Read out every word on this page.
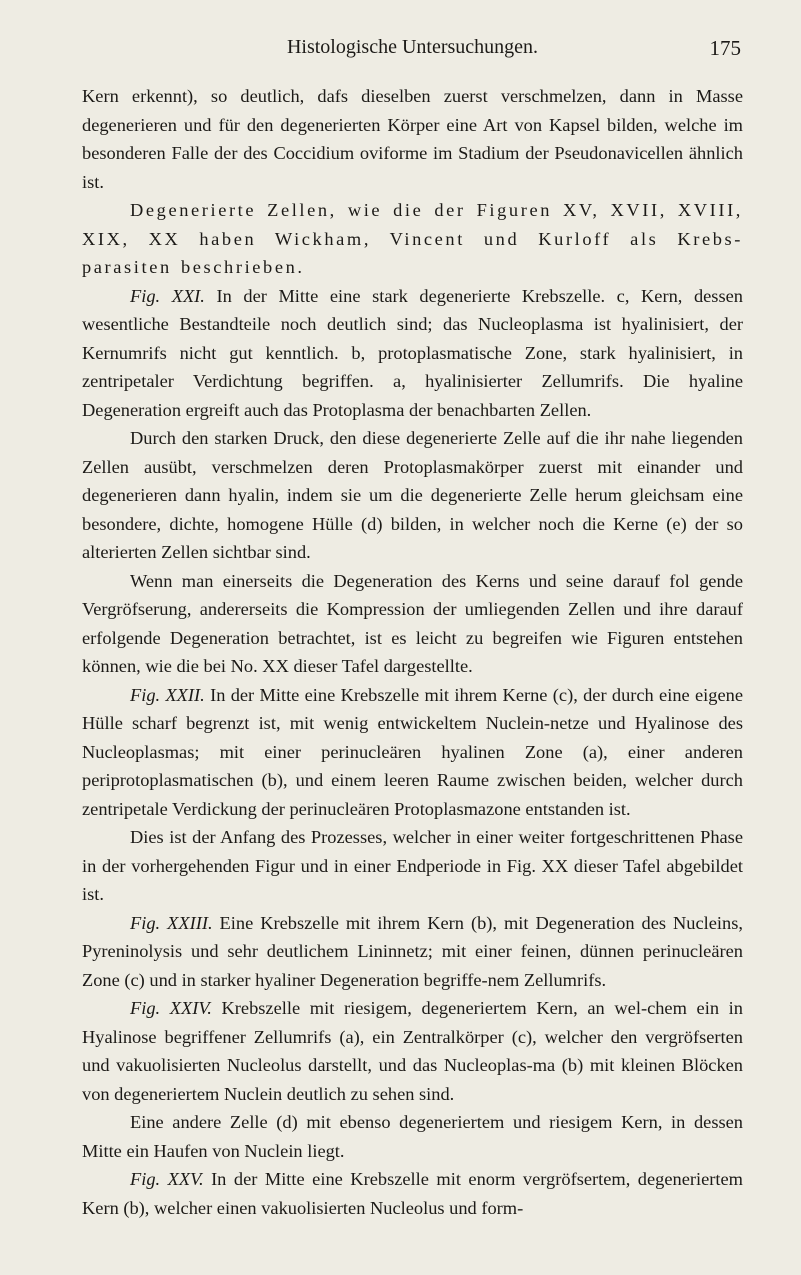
Histologische Untersuchungen.	175

Kern erkennt), so deutlich, dafs dieselben zuerst verschmelzen, dann in Masse degenerieren und für den degenerierten Körper eine Art von Kapsel bilden, welche im besonderen Falle der des Coccidium oviforme im Stadium der Pseudonavicellen ähnlich ist.

Degenerierte Zellen, wie die der Figuren XV, XVII, XVIII, XIX, XX haben Wickham, Vincent und Kurloff als Krebs-parasiten beschrieben.

Fig. XXI. In der Mitte eine stark degenerierte Krebszelle. c, Kern, dessen wesentliche Bestandteile noch deutlich sind; das Nucleoplasma ist hyalinisiert, der Kernumrifs nicht gut kenntlich. b, protoplasmatische Zone, stark hyalinisiert, in zentripetaler Verdichtung begriffen. a, hyalinisierter Zellumrifs. Die hyaline Degeneration ergreift auch das Protoplasma der benachbarten Zellen.

Durch den starken Druck, den diese degenerierte Zelle auf die ihr nahe liegenden Zellen ausübt, verschmelzen deren Protoplasmakörper zuerst mit einander und degenerieren dann hyalin, indem sie um die degenerierte Zelle herum gleichsam eine besondere, dichte, homogene Hülle (d) bilden, in welcher noch die Kerne (e) der so alterierten Zellen sichtbar sind.

Wenn man einerseits die Degeneration des Kerns und seine darauf fol gende Vergröfserung, andererseits die Kompression der umliegenden Zellen und ihre darauf erfolgende Degeneration betrachtet, ist es leicht zu begreifen wie Figuren entstehen können, wie die bei No. XX dieser Tafel dargestellte.

Fig. XXII. In der Mitte eine Krebszelle mit ihrem Kerne (c), der durch eine eigene Hülle scharf begrenzt ist, mit wenig entwickeltem Nuclein-netze und Hyalinose des Nucleoplasmas; mit einer perinucleären hyalinen Zone (a), einer anderen periprotoplasmatischen (b), und einem leeren Raume zwischen beiden, welcher durch zentripetale Verdickung der perinucleären Protoplasmazone entstanden ist.

Dies ist der Anfang des Prozesses, welcher in einer weiter fortgeschrittenen Phase in der vorhergehenden Figur und in einer Endperiode in Fig. XX dieser Tafel abgebildet ist.

Fig. XXIII. Eine Krebszelle mit ihrem Kern (b), mit Degeneration des Nucleins, Pyreninolysis und sehr deutlichem Lininnetz; mit einer feinen, dünnen perinucleären Zone (c) und in starker hyaliner Degeneration begriffe-nem Zellumrifs.

Fig. XXIV. Krebszelle mit riesigem, degeneriertem Kern, an wel-chem ein in Hyalinose begriffener Zellumrifs (a), ein Zentralkörper (c), welcher den vergröfserten und vakuolisierten Nucleolus darstellt, und das Nucleoplas-ma (b) mit kleinen Blöcken von degeneriertem Nuclein deutlich zu sehen sind.

Eine andere Zelle (d) mit ebenso degeneriertem und riesigem Kern, in dessen Mitte ein Haufen von Nuclein liegt.

Fig. XXV. In der Mitte eine Krebszelle mit enorm vergröfsertem, degeneriertem Kern (b), welcher einen vakuolisierten Nucleolus und form-
